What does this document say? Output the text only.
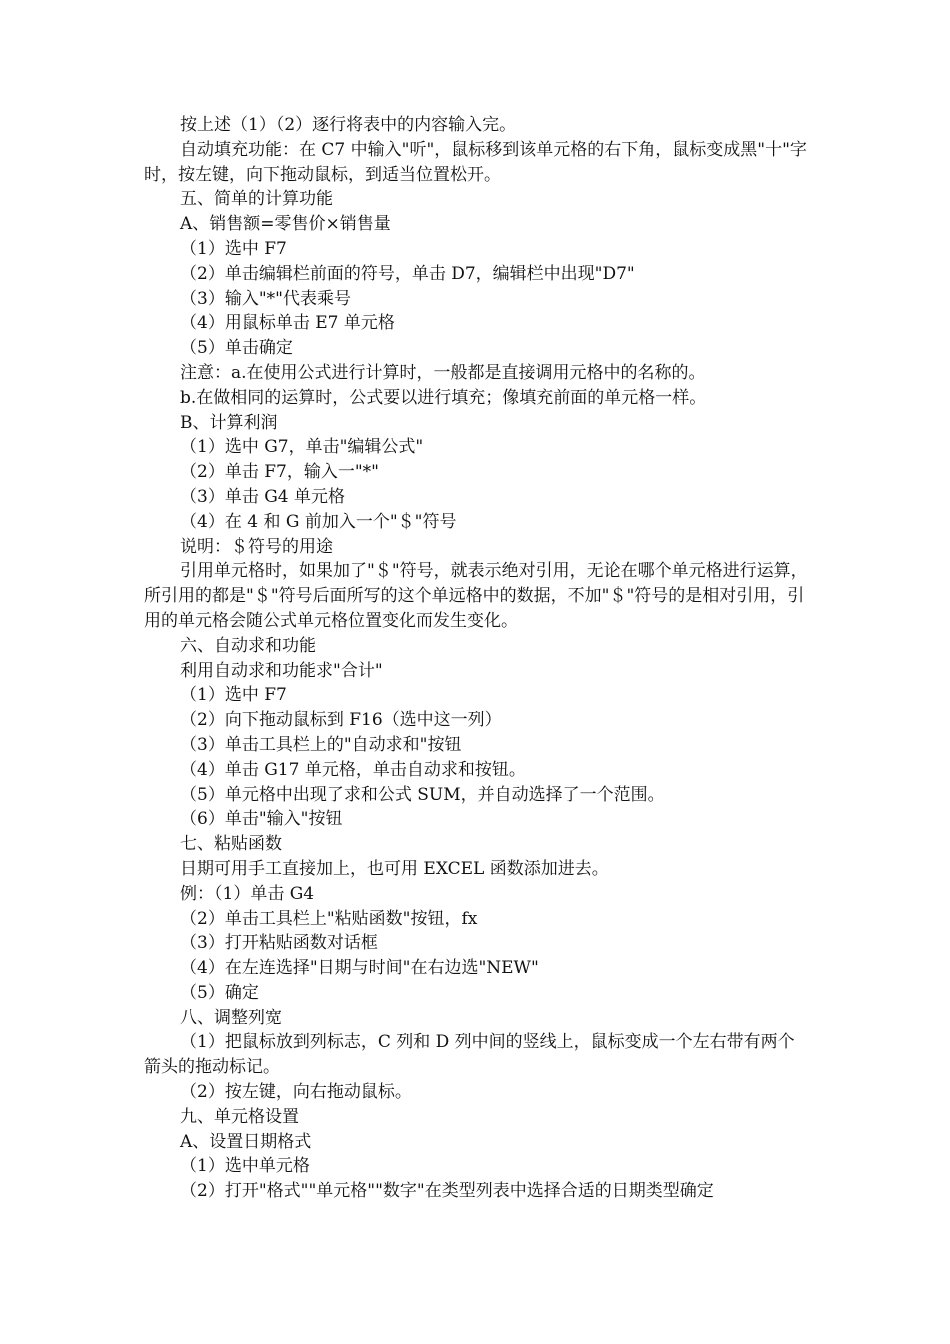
按上述（1）（2）逐行将表中的内容输入完。

自动填充功能：在 C7 中输入"听"，鼠标移到该单元格的右下角，鼠标变成黑"十"字时，按左键，向下拖动鼠标，到适当位置松开。

五、简单的计算功能

A、销售额=零售价×销售量

（1）选中 F7

（2）单击编辑栏前面的符号，单击 D7，编辑栏中出现"D7"

（3）输入"*"代表乘号

（4）用鼠标单击 E7 单元格

（5）单击确定

注意：a.在使用公式进行计算时，一般都是直接调用元格中的名称的。

b.在做相同的运算时，公式要以进行填充；像填充前面的单元格一样。

B、计算利润

（1）选中 G7，单击"编辑公式"

（2）单击 F7，输入一"*"

（3）单击 G4 单元格

（4）在 4 和 G 前加入一个"＄"符号

说明：＄符号的用途

引用单元格时，如果加了"＄"符号，就表示绝对引用，无论在哪个单元格进行运算，所引用的都是"＄"符号后面所写的这个单远格中的数据，不加"＄"符号的是相对引用，引用的单元格会随公式单元格位置变化而发生变化。

六、自动求和功能

利用自动求和功能求"合计"

（1）选中 F7

（2）向下拖动鼠标到 F16（选中这一列）

（3）单击工具栏上的"自动求和"按钮

（4）单击 G17 单元格，单击自动求和按钮。

（5）单元格中出现了求和公式 SUM，并自动选择了一个范围。

（6）单击"输入"按钮

七、粘贴函数

日期可用手工直接加上，也可用 EXCEL 函数添加进去。

例：（1）单击 G4

（2）单击工具栏上"粘贴函数"按钮，fx

（3）打开粘贴函数对话框

（4）在左连选择"日期与时间"在右边选"NEW"

（5）确定

八、调整列宽

（1）把鼠标放到列标志，C 列和 D 列中间的竖线上，鼠标变成一个左右带有两个箭头的拖动标记。

（2）按左键，向右拖动鼠标。

九、单元格设置

A、设置日期格式

（1）选中单元格

（2）打开"格式""单元格""数字"在类型列表中选择合适的日期类型确定
